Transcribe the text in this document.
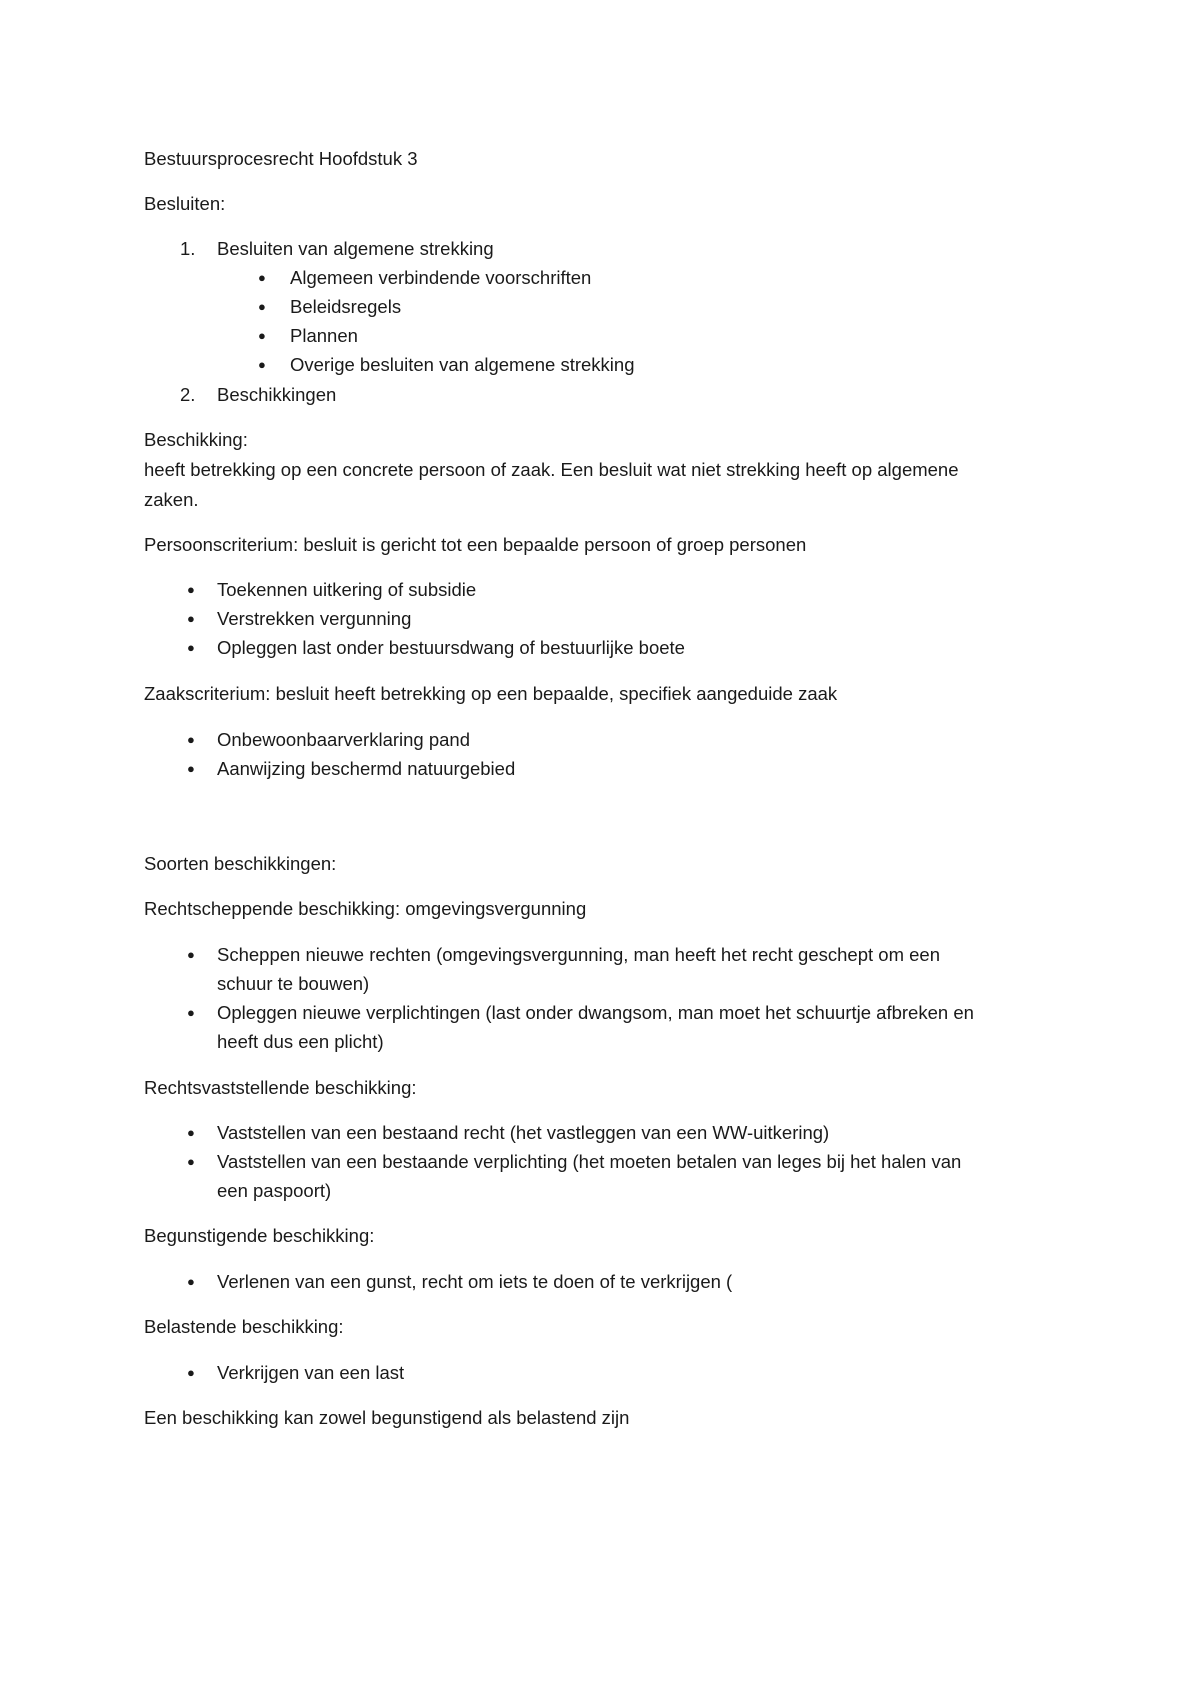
Bestuursprocesrecht Hoofdstuk 3
Besluiten:
1. Besluiten van algemene strekking
● Algemeen verbindende voorschriften
● Beleidsregels
● Plannen
● Overige besluiten van algemene strekking
2. Beschikkingen
Beschikking:
heeft betrekking op een concrete persoon of zaak. Een besluit wat niet strekking heeft op algemene
zaken.
Persoonscriterium: besluit is gericht tot een bepaalde persoon of groep personen
● Toekennen uitkering of subsidie
● Verstrekken vergunning
● Opleggen last onder bestuursdwang of bestuurlijke boete
Zaakscriterium: besluit heeft betrekking op een bepaalde, specifiek aangeduide zaak
● Onbewoonbaarverklaring pand
● Aanwijzing beschermd natuurgebied
Soorten beschikkingen:
Rechtscheppende beschikking: omgevingsvergunning
● Scheppen nieuwe rechten (omgevingsvergunning, man heeft het recht geschept om een
schuur te bouwen)
● Opleggen nieuwe verplichtingen (last onder dwangsom, man moet het schuurtje afbreken en
heeft dus een plicht)
Rechtsvaststellende beschikking:
● Vaststellen van een bestaand recht (het vastleggen van een WW-uitkering)
● Vaststellen van een bestaande verplichting (het moeten betalen van leges bij het halen van
een paspoort)
Begunstigende beschikking:
● Verlenen van een gunst, recht om iets te doen of te verkrijgen (
Belastende beschikking:
● Verkrijgen van een last
Een beschikking kan zowel begunstigend als belastend zijn
